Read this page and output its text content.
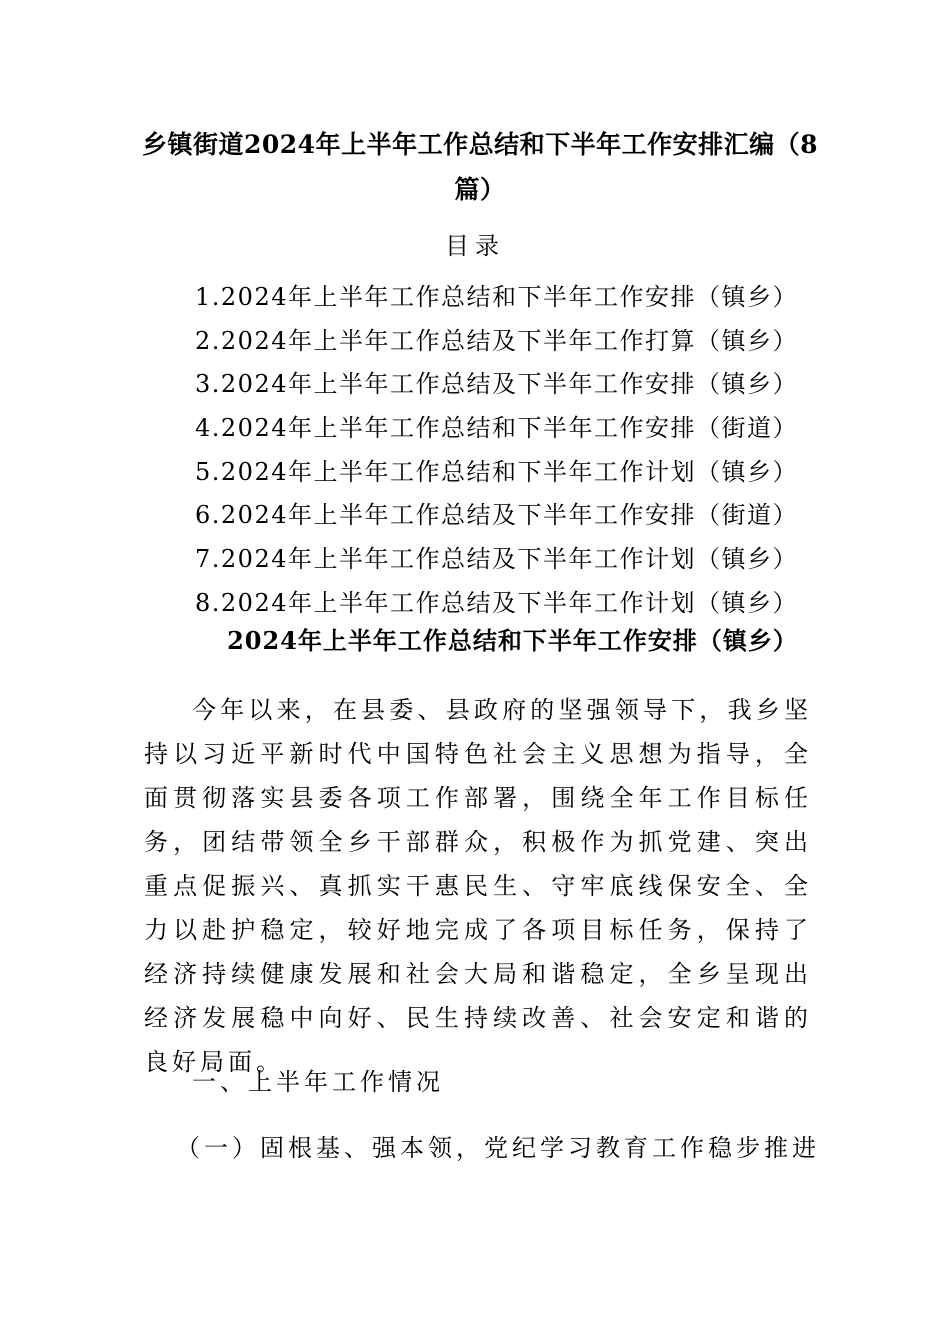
乡镇街道2024年上半年工作总结和下半年工作安排汇编（8篇）
目录
1.2024年上半年工作总结和下半年工作安排（镇乡）
2.2024年上半年工作总结及下半年工作打算（镇乡）
3.2024年上半年工作总结及下半年工作安排（镇乡）
4.2024年上半年工作总结和下半年工作安排（街道）
5.2024年上半年工作总结和下半年工作计划（镇乡）
6.2024年上半年工作总结及下半年工作安排（街道）
7.2024年上半年工作总结及下半年工作计划（镇乡）
8.2024年上半年工作总结及下半年工作计划（镇乡）
2024年上半年工作总结和下半年工作安排（镇乡）

今年以来，在县委、县政府的坚强领导下，我乡坚持以习近平新时代中国特色社会主义思想为指导，全面贯彻落实县委各项工作部署，围绕全年工作目标任务，团结带领全乡干部群众，积极作为抓党建、突出重点促振兴、真抓实干惠民生、守牢底线保安全、全力以赴护稳定，较好地完成了各项目标任务，保持了经济持续健康发展和社会大局和谐稳定，全乡呈现出经济发展稳中向好、民生持续改善、社会安定和谐的良好局面。

一、上半年工作情况

（一）固根基、强本领，党纪学习教育工作稳步推进
